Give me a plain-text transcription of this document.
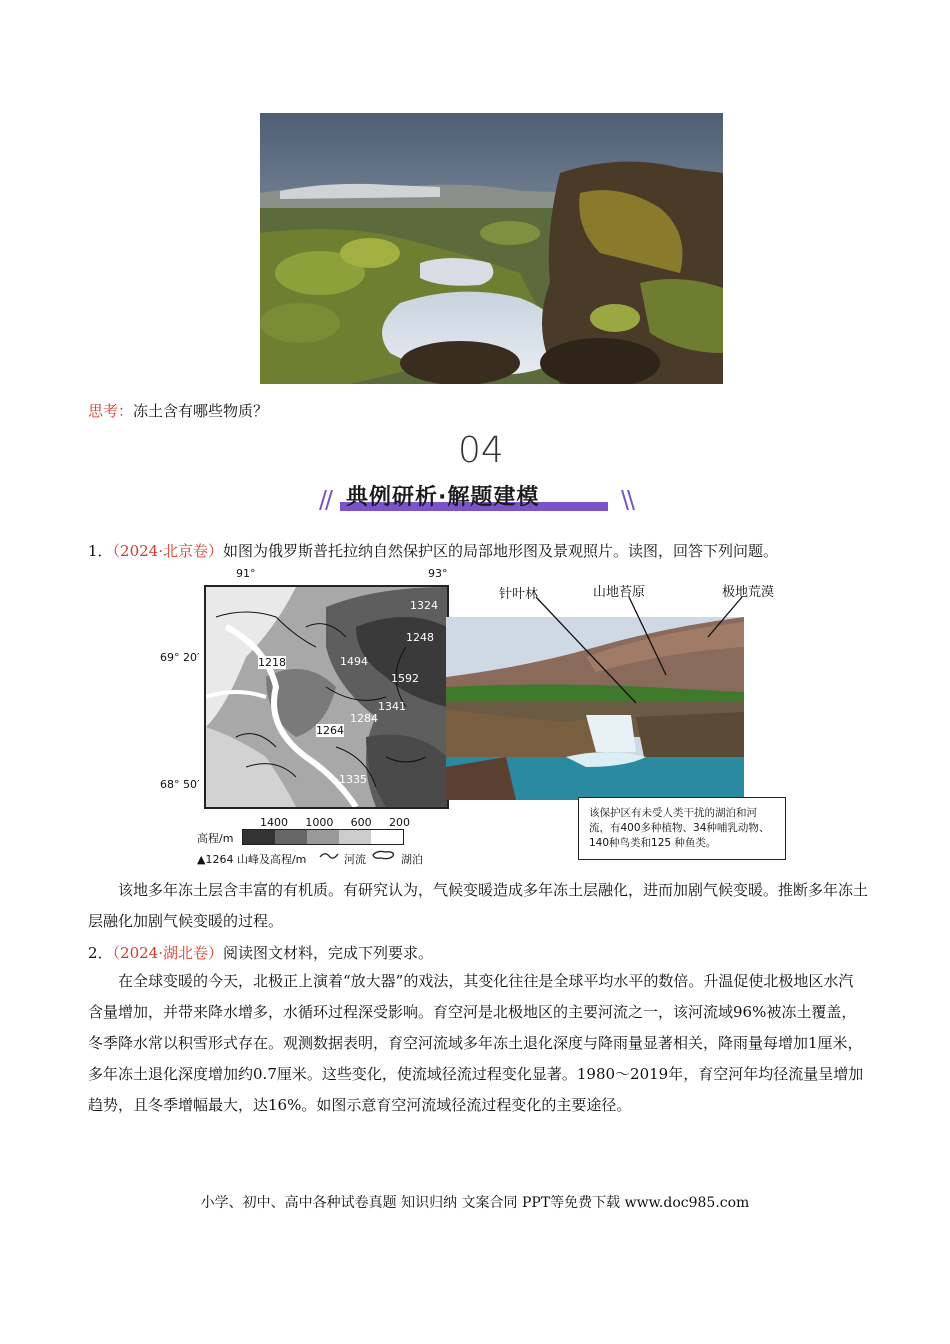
思考：冻土含有哪些物质？
04
典例研析·解题建模
1．（2024·北京卷）如图为俄罗斯普托拉纳自然保护区的局部地形图及景观照片。读图，回答下列问题。
91°	93°
69° 20′
68° 50′
1324
1248
1218	1494
1592
1341
1284
1264
1335
1400 1000 600 200
高程/m
▲1264 山峰及高程/m	河流	湖泊
针叶林	山地苔原	极地荒漠
该保护区有未受人类干扰的湖泊和河流，有400多种植物、34种哺乳动物、140种鸟类和125 种鱼类。
该地多年冻土层含丰富的有机质。有研究认为，气候变暖造成多年冻土层融化，进而加剧气候变暖。推断多年冻土层融化加剧气候变暖的过程。
2．（2024·湖北卷）阅读图文材料，完成下列要求。
在全球变暖的今天，北极正上演着“放大器”的戏法，其变化往往是全球平均水平的数倍。升温促使北极地区水汽含量增加，并带来降水增多，水循环过程深受影响。育空河是北极地区的主要河流之一，该河流域96%被冻土覆盖，冬季降水常以积雪形式存在。观测数据表明，育空河流域多年冻土退化深度与降雨量显著相关，降雨量每增加1厘米，多年冻土退化深度增加约0.7厘米。这些变化，使流域径流过程变化显著。1980～2019年，育空河年均径流量呈增加趋势，且冬季增幅最大，达16%。如图示意育空河流域径流过程变化的主要途径。
小学、初中、高中各种试卷真题 知识归纳 文案合同 PPT等免费下载 www.doc985.com
